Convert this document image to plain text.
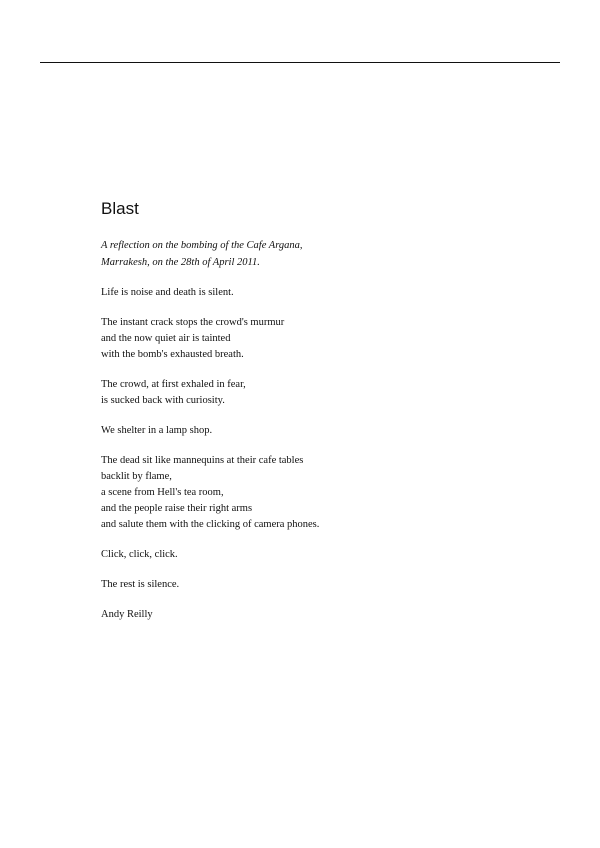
Blast

A reflection on the bombing of the Cafe Argana,
Marrakesh, on the 28th of April 2011.

Life is noise and death is silent.

The instant crack stops the crowd's murmur
and the now quiet air is tainted
with the bomb's exhausted breath.

The crowd, at first exhaled in fear,
is sucked back with curiosity.

We shelter in a lamp shop.

The dead sit like mannequins at their cafe tables
backlit by flame,
a scene from Hell's tea room,
and the people raise their right arms
and salute them with the clicking of camera phones.

Click, click, click.

The rest is silence.

Andy Reilly
